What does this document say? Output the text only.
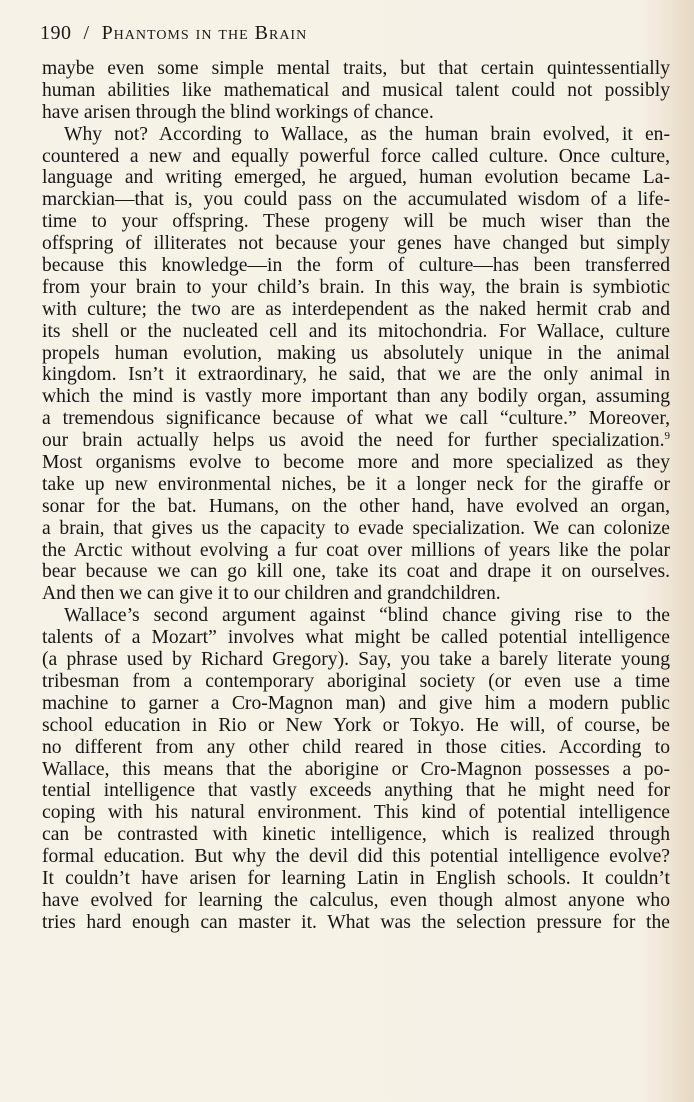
190 / Phantoms in the Brain
maybe even some simple mental traits, but that certain quintessentially
human abilities like mathematical and musical talent could not possibly
have arisen through the blind workings of chance.
Why not? According to Wallace, as the human brain evolved, it en-
countered a new and equally powerful force called culture. Once culture,
language and writing emerged, he argued, human evolution became La-
marckian—that is, you could pass on the accumulated wisdom of a life-
time to your offspring. These progeny will be much wiser than the
offspring of illiterates not because your genes have changed but simply
because this knowledge—in the form of culture—has been transferred
from your brain to your child’s brain. In this way, the brain is symbiotic
with culture; the two are as interdependent as the naked hermit crab and
its shell or the nucleated cell and its mitochondria. For Wallace, culture
propels human evolution, making us absolutely unique in the animal
kingdom. Isn’t it extraordinary, he said, that we are the only animal in
which the mind is vastly more important than any bodily organ, assuming
a tremendous significance because of what we call “culture.” Moreover,
our brain actually helps us avoid the need for further specialization.$^9$
Most organisms evolve to become more and more specialized as they
take up new environmental niches, be it a longer neck for the giraffe or
sonar for the bat. Humans, on the other hand, have evolved an organ,
a brain, that gives us the capacity to evade specialization. We can colonize
the Arctic without evolving a fur coat over millions of years like the polar
bear because we can go kill one, take its coat and drape it on ourselves.
And then we can give it to our children and grandchildren.
Wallace’s second argument against “blind chance giving rise to the
talents of a Mozart” involves what might be called potential intelligence
(a phrase used by Richard Gregory). Say, you take a barely literate young
tribesman from a contemporary aboriginal society (or even use a time
machine to garner a Cro-Magnon man) and give him a modern public
school education in Rio or New York or Tokyo. He will, of course, be
no different from any other child reared in those cities. According to
Wallace, this means that the aborigine or Cro-Magnon possesses a po-
tential intelligence that vastly exceeds anything that he might need for
coping with his natural environment. This kind of potential intelligence
can be contrasted with kinetic intelligence, which is realized through
formal education. But why the devil did this potential intelligence evolve?
It couldn’t have arisen for learning Latin in English schools. It couldn’t
have evolved for learning the calculus, even though almost anyone who
tries hard enough can master it. What was the selection pressure for the
